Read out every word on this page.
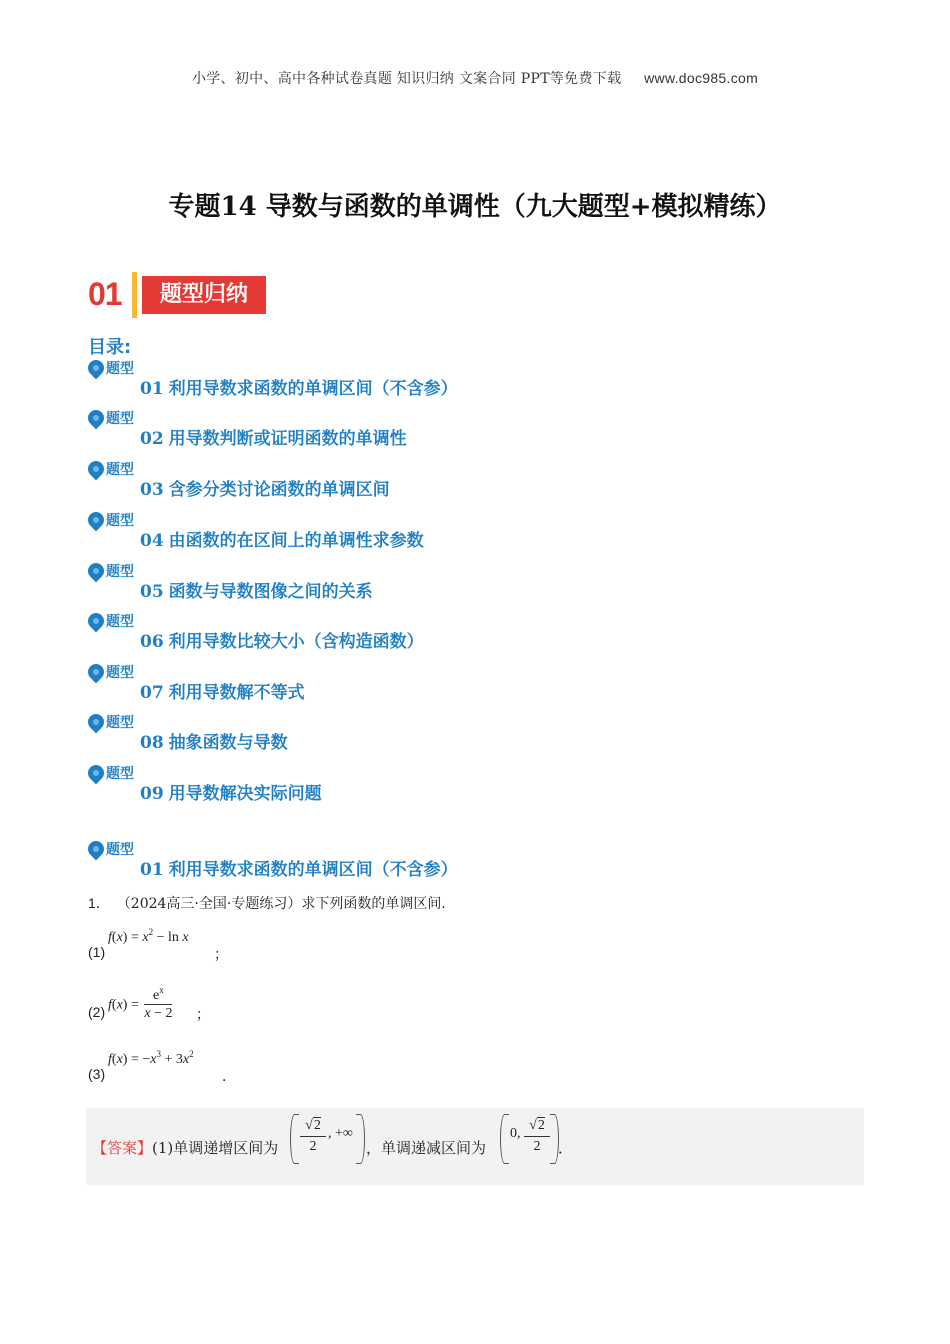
小学、初中、高中各种试卷真题 知识归纳 文案合同 PPT等免费下载 www.doc985.com
专题14 导数与函数的单调性（九大题型+模拟精练）
01	题型归纳
目录:
题型
01 利用导数求函数的单调区间（不含参）
题型
02 用导数判断或证明函数的单调性
题型
03 含参分类讨论函数的单调区间
题型
04 由函数的在区间上的单调性求参数
题型
05 函数与导数图像之间的关系
题型
06 利用导数比较大小（含构造函数）
题型
07 利用导数解不等式
题型
08 抽象函数与导数
题型
09 用导数解决实际问题
题型
01 利用导数求函数的单调区间（不含参）
1． （2024高三·全国·专题练习）求下列函数的单调区间．
(1)
$f(x) = x^2 - \ln x$
；
(2) $f(x) = \frac{e^x}{x - 2}$ ；
(3)
$f(x) = -x^3 + 3x^2$
．
【答案】 (1)单调递增区间为 $\frac{√2}{2}$ , +∞
，单调递减区间为
0, $\frac{√2}{2}$ ．
